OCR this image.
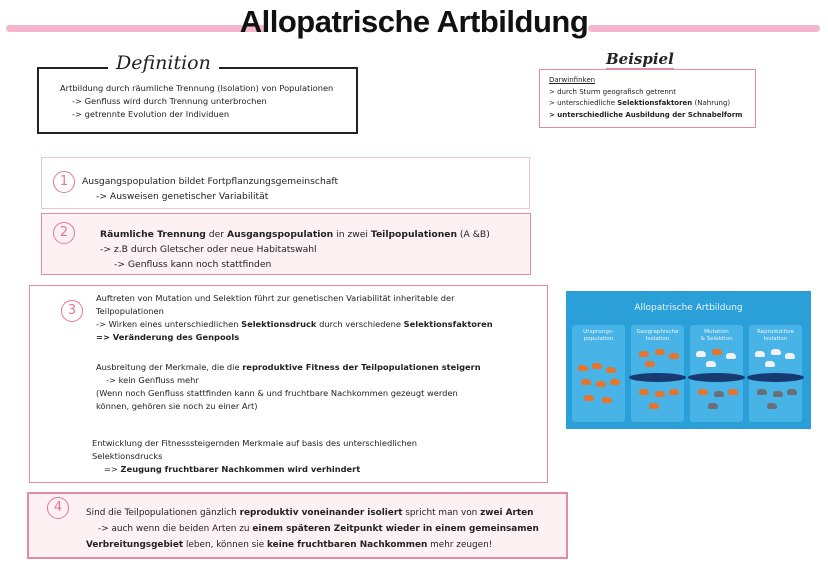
Allopatrische Artbildung
Definition
Artbildung durch räumliche Trennung (Isolation) von Populationen
-> Genfluss wird durch Trennung unterbrochen
-> getrennte Evolution der Individuen
Beispiel
Darwinfinken
> durch Sturm geografisch getrennt
> unterschiedliche Selektionsfaktoren (Nahrung)
> unterschiedliche Ausbildung der Schnabelform
1	Ausgangspopulation bildet Fortpflanzungsgemeinschaft
-> Ausweisen genetischer Variabilität
2	Räumliche Trennung der Ausgangspopulation in zwei Teilpopulationen (A &B)
-> z.B durch Gletscher oder neue Habitatswahl
-> Genfluss kann noch stattfinden
3
Auftreten von Mutation und Selektion führt zur genetischen Variabilität inheritable der
Teilpopulationen
-> Wirken eines unterschiedlichen Selektionsdruck durch verschiedene Selektionsfaktoren
=> Veränderung des Genpools
Ausbreitung der Merkmale, die die reproduktive Fitness der Teilpopulationen steigern
-> kein Genfluss mehr
(Wenn noch Genfluss stattfinden kann & und fruchtbare Nachkommen gezeugt werden
können, gehören sie noch zu einer Art)
Entwicklung der Fitnesssteigernden Merkmale auf basis des unterschiedlichen
Selektionsdrucks
=> Zeugung fruchtbarer Nachkommen wird verhindert
4	Sind die Teilpopulationen gänzlich reproduktiv voneinander isoliert spricht man von zwei Arten
-> auch wenn die beiden Arten zu einem späteren Zeitpunkt wieder in einem gemeinsamen
Verbreitungsgebiet leben, können sie keine fruchtbaren Nachkommen mehr zeugen!
Allopatrische Artbildung
Ursprungs-
population
Geographische
Isolation
Mutation
& Selektion
Reproduktive
Isolation
